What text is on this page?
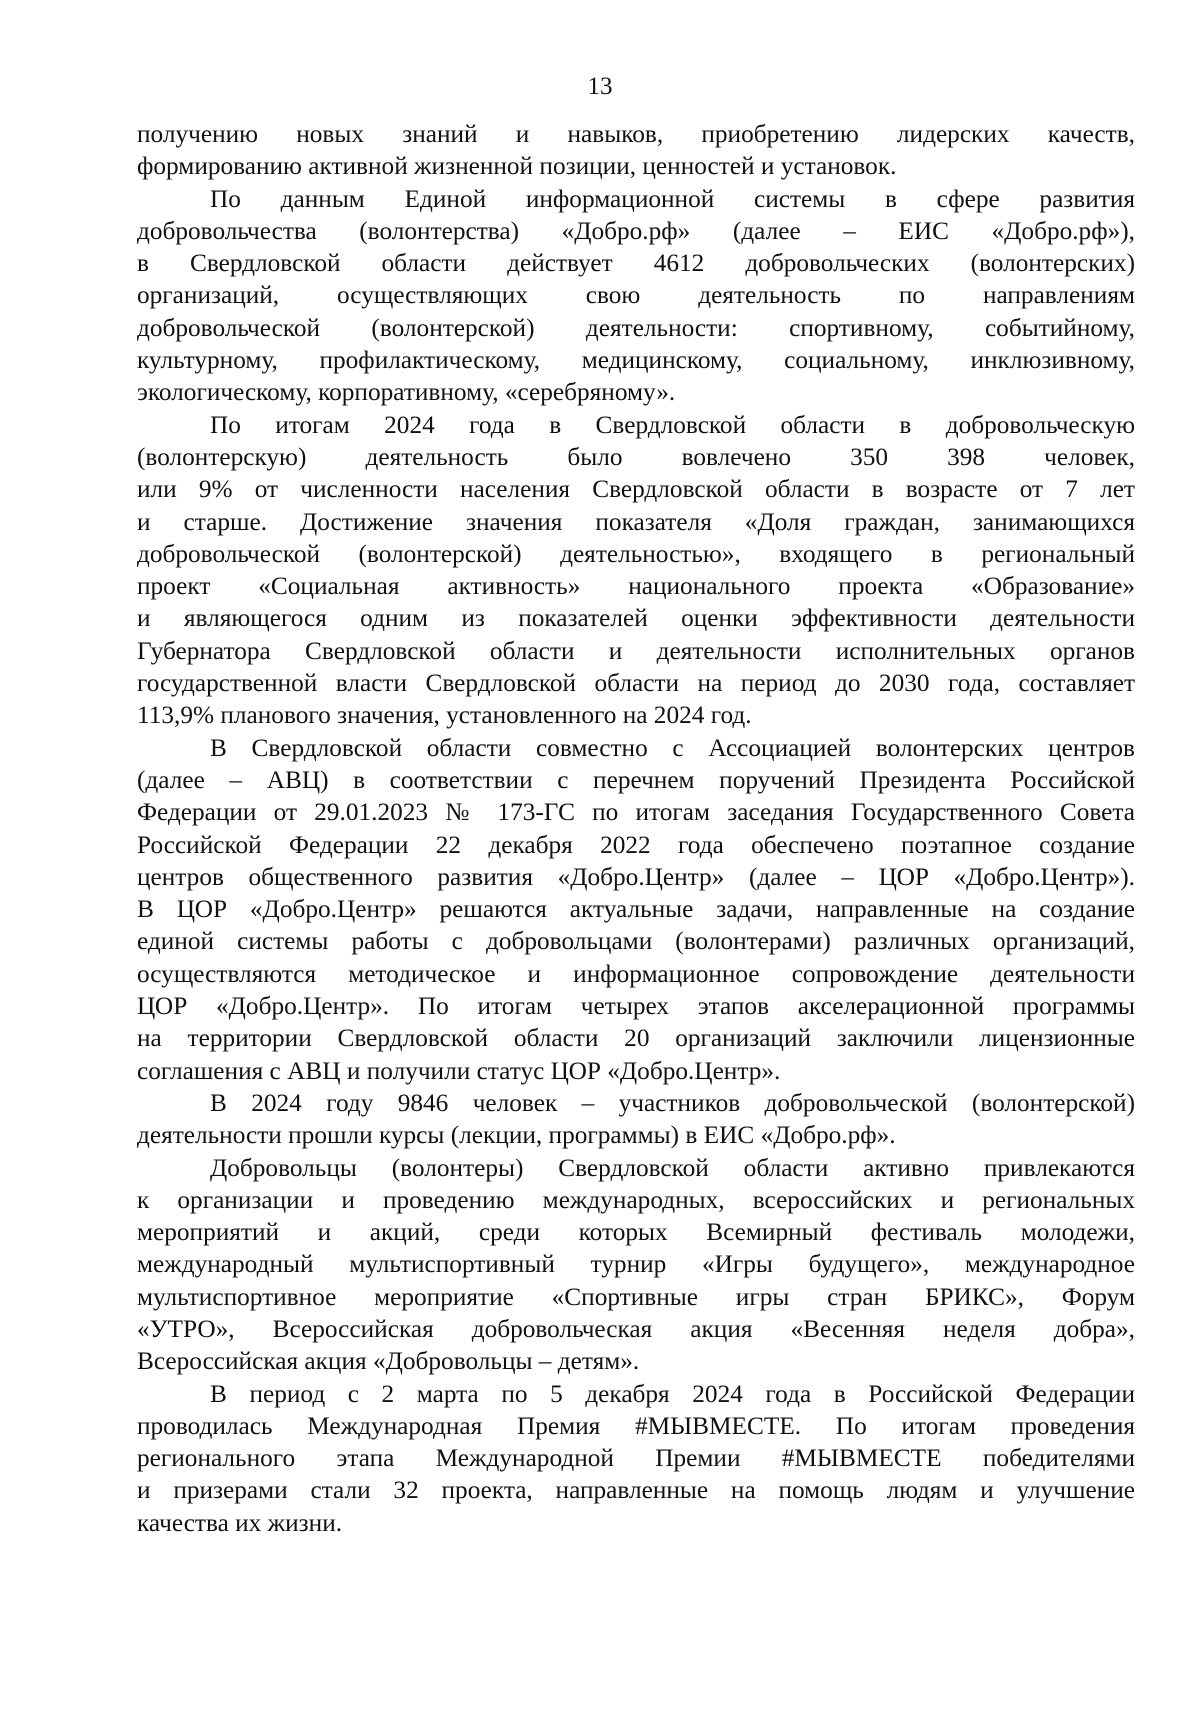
13
получению новых знаний и навыков, приобретению лидерских качеств,
формированию активной жизненной позиции, ценностей и установок.
По данным Единой информационной системы в сфере развития
добровольчества (волонтерства) «Добро.рф» (далее – ЕИС «Добро.рф»),
в Свердловской области действует 4612 добровольческих (волонтерских)
организаций, осуществляющих свою деятельность по направлениям
добровольческой (волонтерской) деятельности: спортивному, событийному,
культурному, профилактическому, медицинскому, социальному, инклюзивному,
экологическому, корпоративному, «серебряному».
По итогам 2024 года в Свердловской области в добровольческую
(волонтерскую) деятельность было вовлечено 350 398 человек,
или 9% от численности населения Свердловской области в возрасте от 7 лет
и старше. Достижение значения показателя «Доля граждан, занимающихся
добровольческой (волонтерской) деятельностью», входящего в региональный
проект «Социальная активность» национального проекта «Образование»
и являющегося одним из показателей оценки эффективности деятельности
Губернатора Свердловской области и деятельности исполнительных органов
государственной власти Свердловской области на период до 2030 года, составляет
113,9% планового значения, установленного на 2024 год.
В Свердловской области совместно с Ассоциацией волонтерских центров
(далее – АВЦ) в соответствии с перечнем поручений Президента Российской
Федерации от 29.01.2023 № 173-ГС по итогам заседания Государственного Совета
Российской Федерации 22 декабря 2022 года обеспечено поэтапное создание
центров общественного развития «Добро.Центр» (далее – ЦОР «Добро.Центр»).
В ЦОР «Добро.Центр» решаются актуальные задачи, направленные на создание
единой системы работы с добровольцами (волонтерами) различных организаций,
осуществляются методическое и информационное сопровождение деятельности
ЦОР «Добро.Центр». По итогам четырех этапов акселерационной программы
на территории Свердловской области 20 организаций заключили лицензионные
соглашения с АВЦ и получили статус ЦОР «Добро.Центр».
В 2024 году 9846 человек – участников добровольческой (волонтерской)
деятельности прошли курсы (лекции, программы) в ЕИС «Добро.рф».
Добровольцы (волонтеры) Свердловской области активно привлекаются
к организации и проведению международных, всероссийских и региональных
мероприятий и акций, среди которых Всемирный фестиваль молодежи,
международный мультиспортивный турнир «Игры будущего», международное
мультиспортивное мероприятие «Спортивные игры стран БРИКС», Форум
«УТРО», Всероссийская добровольческая акция «Весенняя неделя добра»,
Всероссийская акция «Добровольцы – детям».
В период с 2 марта по 5 декабря 2024 года в Российской Федерации
проводилась Международная Премия #МЫВМЕСТЕ. По итогам проведения
регионального этапа Международной Премии #МЫВМЕСТЕ победителями
и призерами стали 32 проекта, направленные на помощь людям и улучшение
качества их жизни.
